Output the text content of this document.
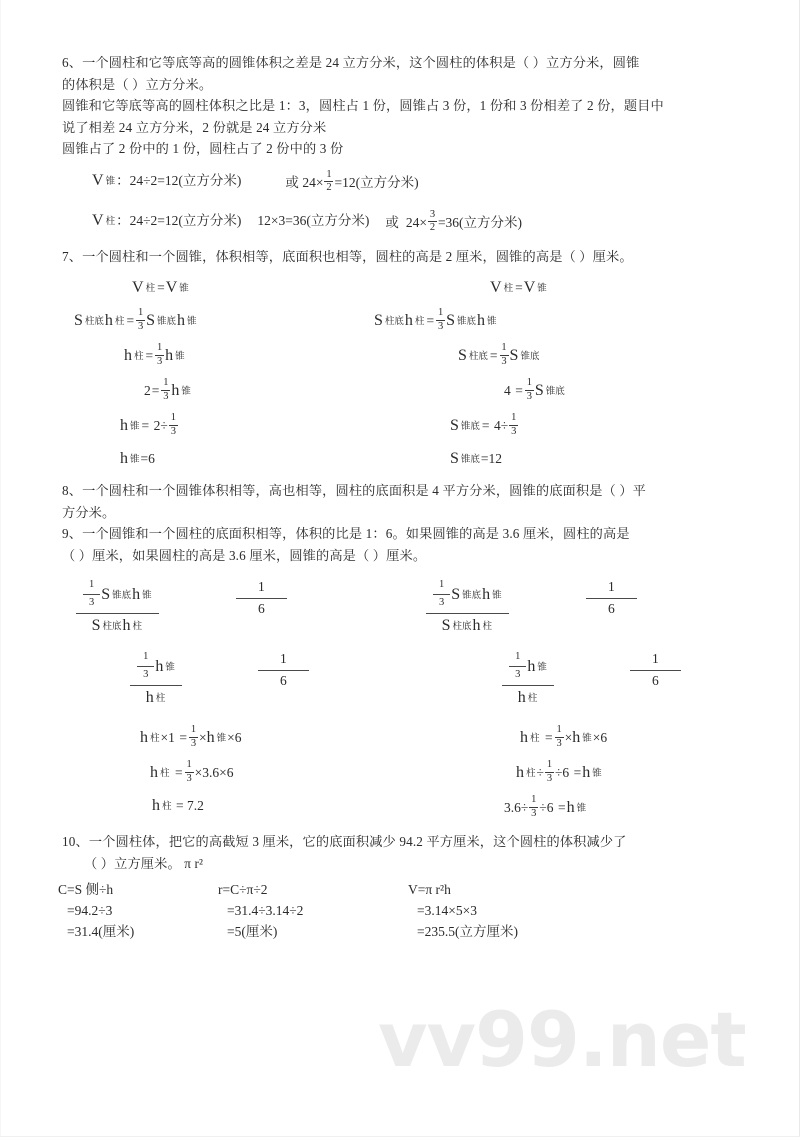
vv99.net

6、一个圆柱和它等底等高的圆锥体积之差是 24 立方分米，这个圆柱的体积是（ ）立方分米，圆锥

的体积是（ ）立方分米。

圆锥和它等底等高的圆柱体积之比是 1：3，圆柱占 1 份，圆锥占 3 份，1 份和 3 份相差了 2 份，题目中

说了相差 24 立方分米，2 份就是 24 立方分米

圆锥占了 2 份中的 1 份，圆柱占了 2 份中的 3 份

V 锥 ： 24÷2=12(立方分米)	或
24×
1
2 =12(立方分米)
V 柱 ： 24÷2=12(立方分米) 12×3=36(立方分米) 或
24×
3
2 =36(立方分米)

7、一个圆柱和一个圆锥，体积相等，底面积也相等，圆柱的高是 2 厘米，圆锥的高是（ ）厘米。

V 柱 = V 锥	V 柱 = V 锥
S 柱底 h 柱 =
1
3 S 锥底 h 锥	S 柱底 h 柱 =
1
3 S 锥底 h 锥
h 柱 =
1
3 h 锥	S 柱底 =
1
3 S 锥底
2 =
1
3 h 锥	4
=
1
3 S 锥底
h 锥 =
2÷
1
3	S 锥底 =
4÷
1
3
h 锥 =6	S 锥底 =12

8、一个圆柱和一个圆锥体积相等，高也相等，圆柱的底面积是 4 平方分米，圆锥的底面积是（ ）平

方分米。

9、一个圆锥和一个圆柱的底面积相等，体积的比是 1：6。如果圆锥的高是 3.6 厘米，圆柱的高是

（ ）厘米，如果圆柱的高是 3.6 厘米，圆锥的高是（ ）厘米。

1
3 S 锥底 h 锥
S 柱底 h 柱
1
6
1
3 S 锥底 h 锥
S 柱底 h 柱
1
6
1
3 h 锥
h 柱
1
6
1
3 h 锥
h 柱
1
6
h 柱 ×1
=
1
3 × h 锥 ×6	h 柱
=
1
3 × h 锥 ×6
h 柱
=
1
3 ×3.6×6	h 柱 ÷
1
3 ÷6
= h 锥
h 柱
= 7.2	3.6÷
1
3 ÷6
= h 锥

10、一个圆柱体，把它的高截短 3 厘米，它的底面积减少 94.2 平方厘米，这个圆柱的体积减少了

（ ）立方厘米。 π r²

C=S 侧÷h
=94.2÷3
=31.4(厘米)
r=C÷π÷2
=31.4÷3.14÷2
=5(厘米)
V=π r²h
=3.14×5×3
=235.5(立方厘米)
